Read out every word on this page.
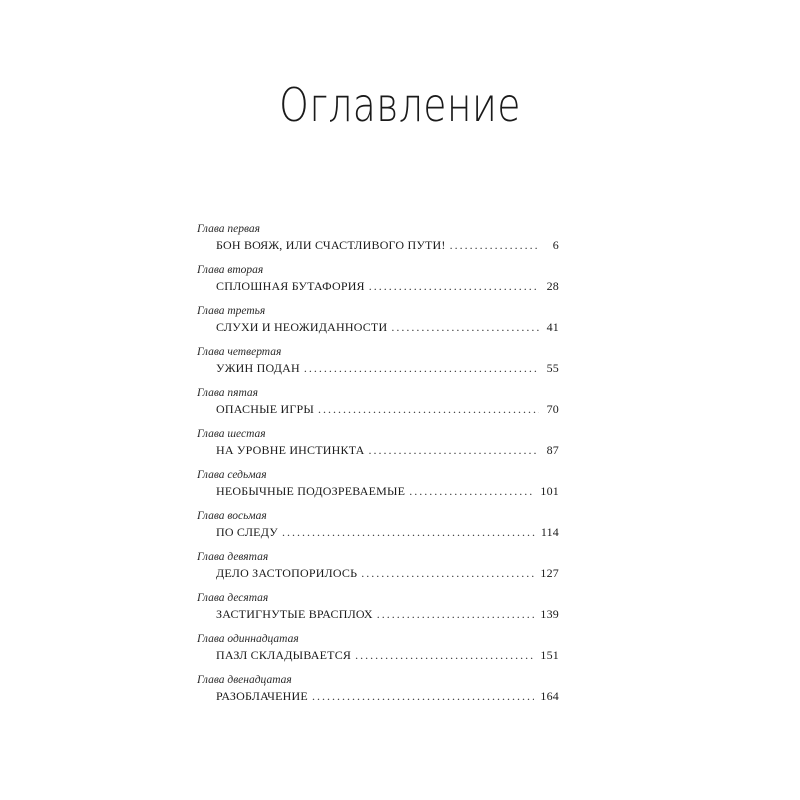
Оглавление
Глава первая
БОН ВОЯЖ, ИЛИ СЧАСТЛИВОГО ПУТИ! . . .	6
Глава вторая
СПЛОШНАЯ БУТАФОРИЯ . . .	28
Глава третья
СЛУХИ И НЕОЖИДАННОСТИ . . .	41
Глава четвертая
УЖИН ПОДАН . . .	55
Глава пятая
ОПАСНЫЕ ИГРЫ . . .	70
Глава шестая
НА УРОВНЕ ИНСТИНКТА . . .	87
Глава седьмая
НЕОБЫЧНЫЕ ПОДОЗРЕВАЕМЫЕ . . .	101
Глава восьмая
ПО СЛЕДУ . . .	114
Глава девятая
ДЕЛО ЗАСТОПОРИЛОСЬ . . .	127
Глава десятая
ЗАСТИГНУТЫЕ ВРАСПЛОХ . . .	139
Глава одиннадцатая
ПАЗЛ СКЛАДЫВАЕТСЯ . . .	151
Глава двенадцатая
РАЗОБЛАЧЕНИЕ . . .	164
